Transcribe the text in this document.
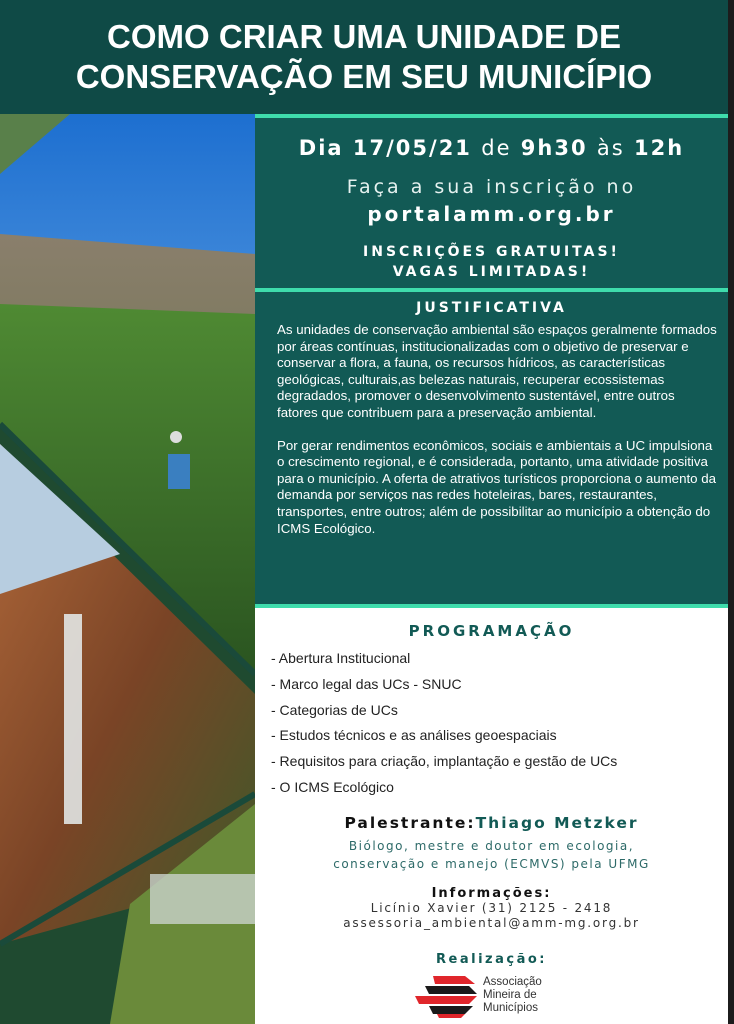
COMO CRIAR UMA UNIDADE DE
CONSERVAÇÃO EM SEU MUNICÍPIO
Dia 17/05/21 de 9h30 às 12h
Faça a sua inscrição no
portalamm.org.br
INSCRIÇÕES GRATUITAS!
VAGAS LIMITADAS!
JUSTIFICATIVA

As unidades de conservação ambiental são espaços geralmente formados por áreas contínuas, institucionalizadas com o objetivo de preservar e conservar a flora, a fauna, os recursos hídricos, as características geológicas, culturais,as belezas naturais, recuperar ecossistemas degradados, promover o desenvolvimento sustentável, entre outros fatores que contribuem para a preservação ambiental.

Por gerar rendimentos econômicos, sociais e ambientais a UC impulsiona o crescimento regional, e é considerada, portanto, uma atividade positiva para o município. A oferta de atrativos turísticos proporciona o aumento da demanda por serviços nas redes hoteleiras, bares, restaurantes, transportes, entre outros; além de possibilitar ao município a obtenção do ICMS Ecológico.

PROGRAMAÇÃO
- Abertura Institucional
- Marco legal das UCs - SNUC
- Categorias de UCs
- Estudos técnicos e as análises geoespaciais
- Requisitos para criação, implantação e gestão de UCs
- O ICMS Ecológico
Palestrante:Thiago Metzker
Biólogo, mestre e doutor em ecologia,
conservação e manejo (ECMVS) pela UFMG
Informações:
Licínio Xavier (31) 2125 - 2418
assessoria_ambiental@amm-mg.org.br
Realização:
Associação
Mineira de
Municípios
